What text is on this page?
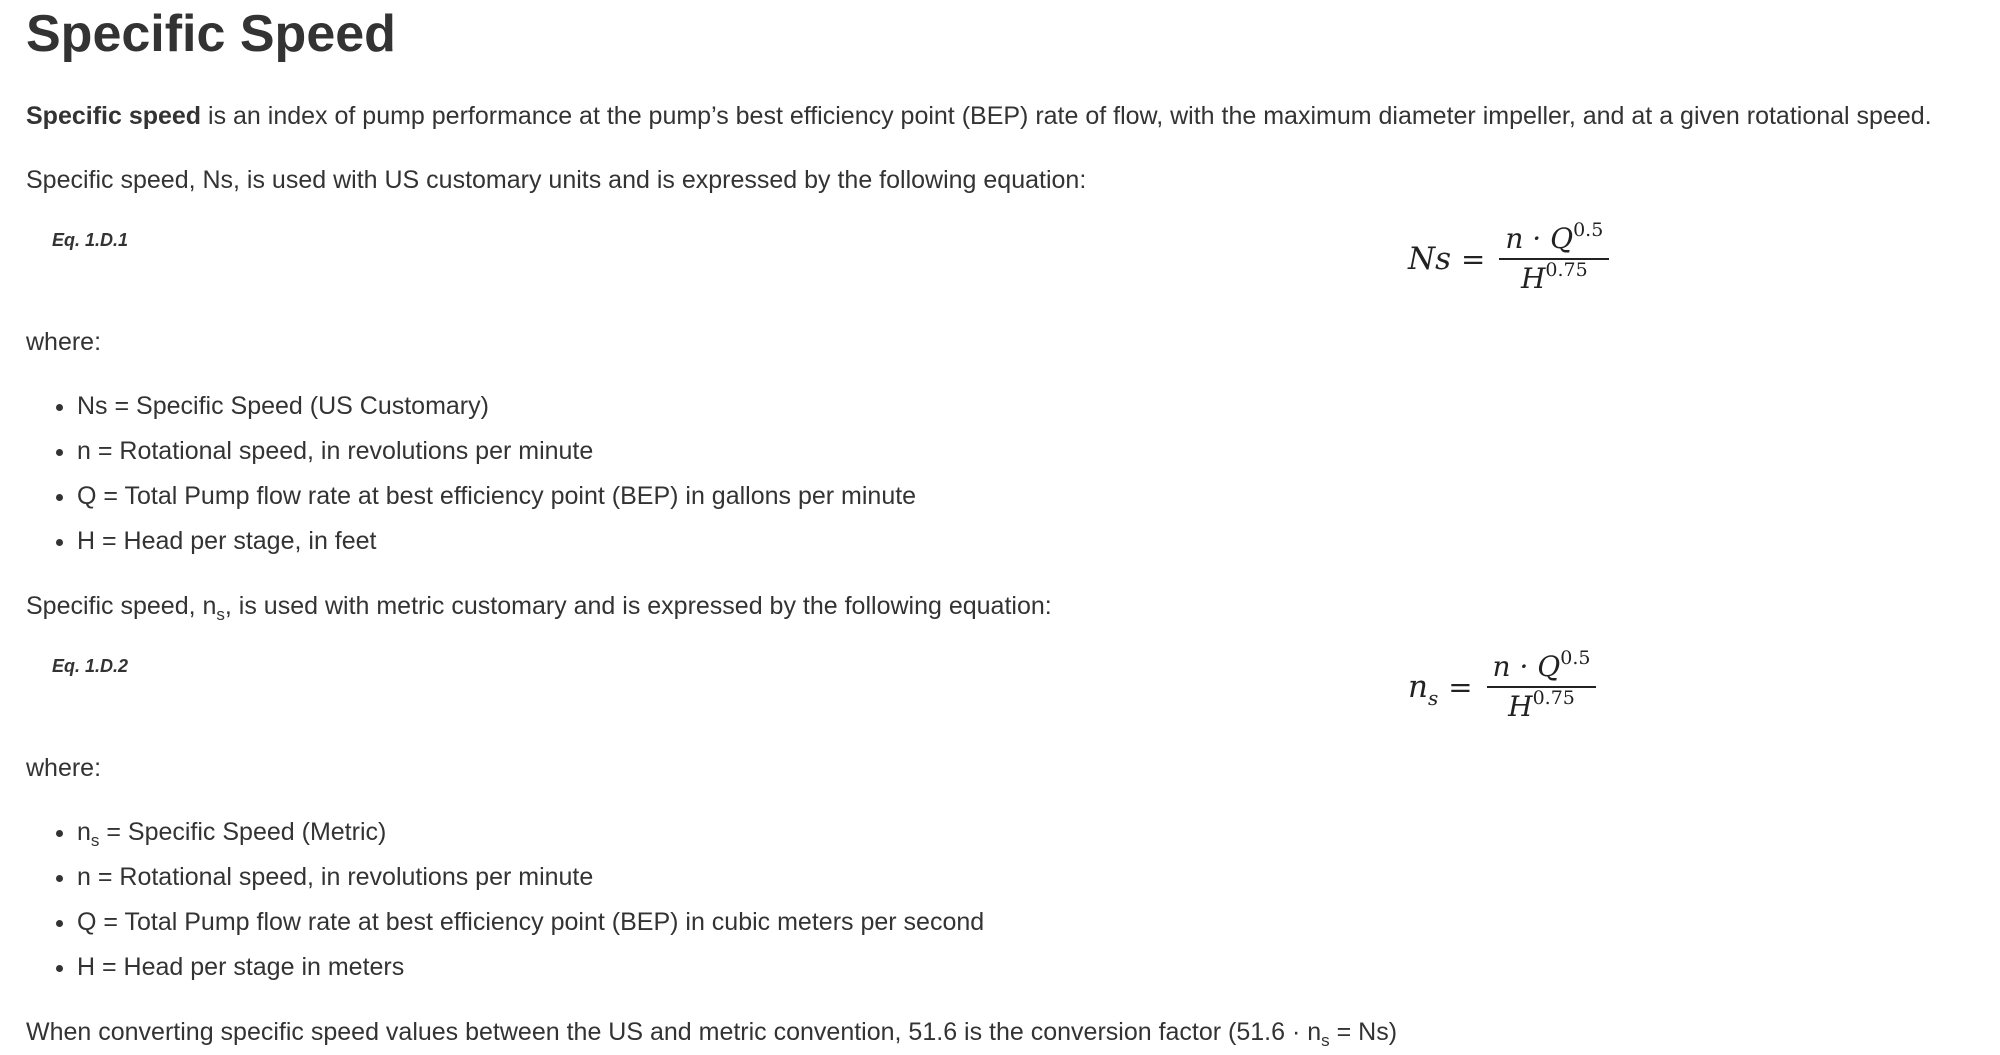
Specific Speed

Specific speed is an index of pump performance at the pump’s best efficiency point (BEP) rate of flow, with the maximum diameter impeller, and at a given rotational speed.

Specific speed, Ns, is used with US customary units and is expressed by the following equation:

Eq. 1.D.1
$Ns = \frac{n \cdot Q^{0.5}}{H^{0.75}}$

where:

Ns = Specific Speed (US Customary)
n = Rotational speed, in revolutions per minute
Q = Total Pump flow rate at best efficiency point (BEP) in gallons per minute
H = Head per stage, in feet

Specific speed, $n_s$, is used with metric customary and is expressed by the following equation:

Eq. 1.D.2
$n_s = \frac{n \cdot Q^{0.5}}{H^{0.75}}$

where:

$n_s$ = Specific Speed (Metric)
n = Rotational speed, in revolutions per minute
Q = Total Pump flow rate at best efficiency point (BEP) in cubic meters per second
H = Head per stage in meters

When converting specific speed values between the US and metric convention, 51.6 is the conversion factor $(51.6 \cdot n_s = Ns)$
